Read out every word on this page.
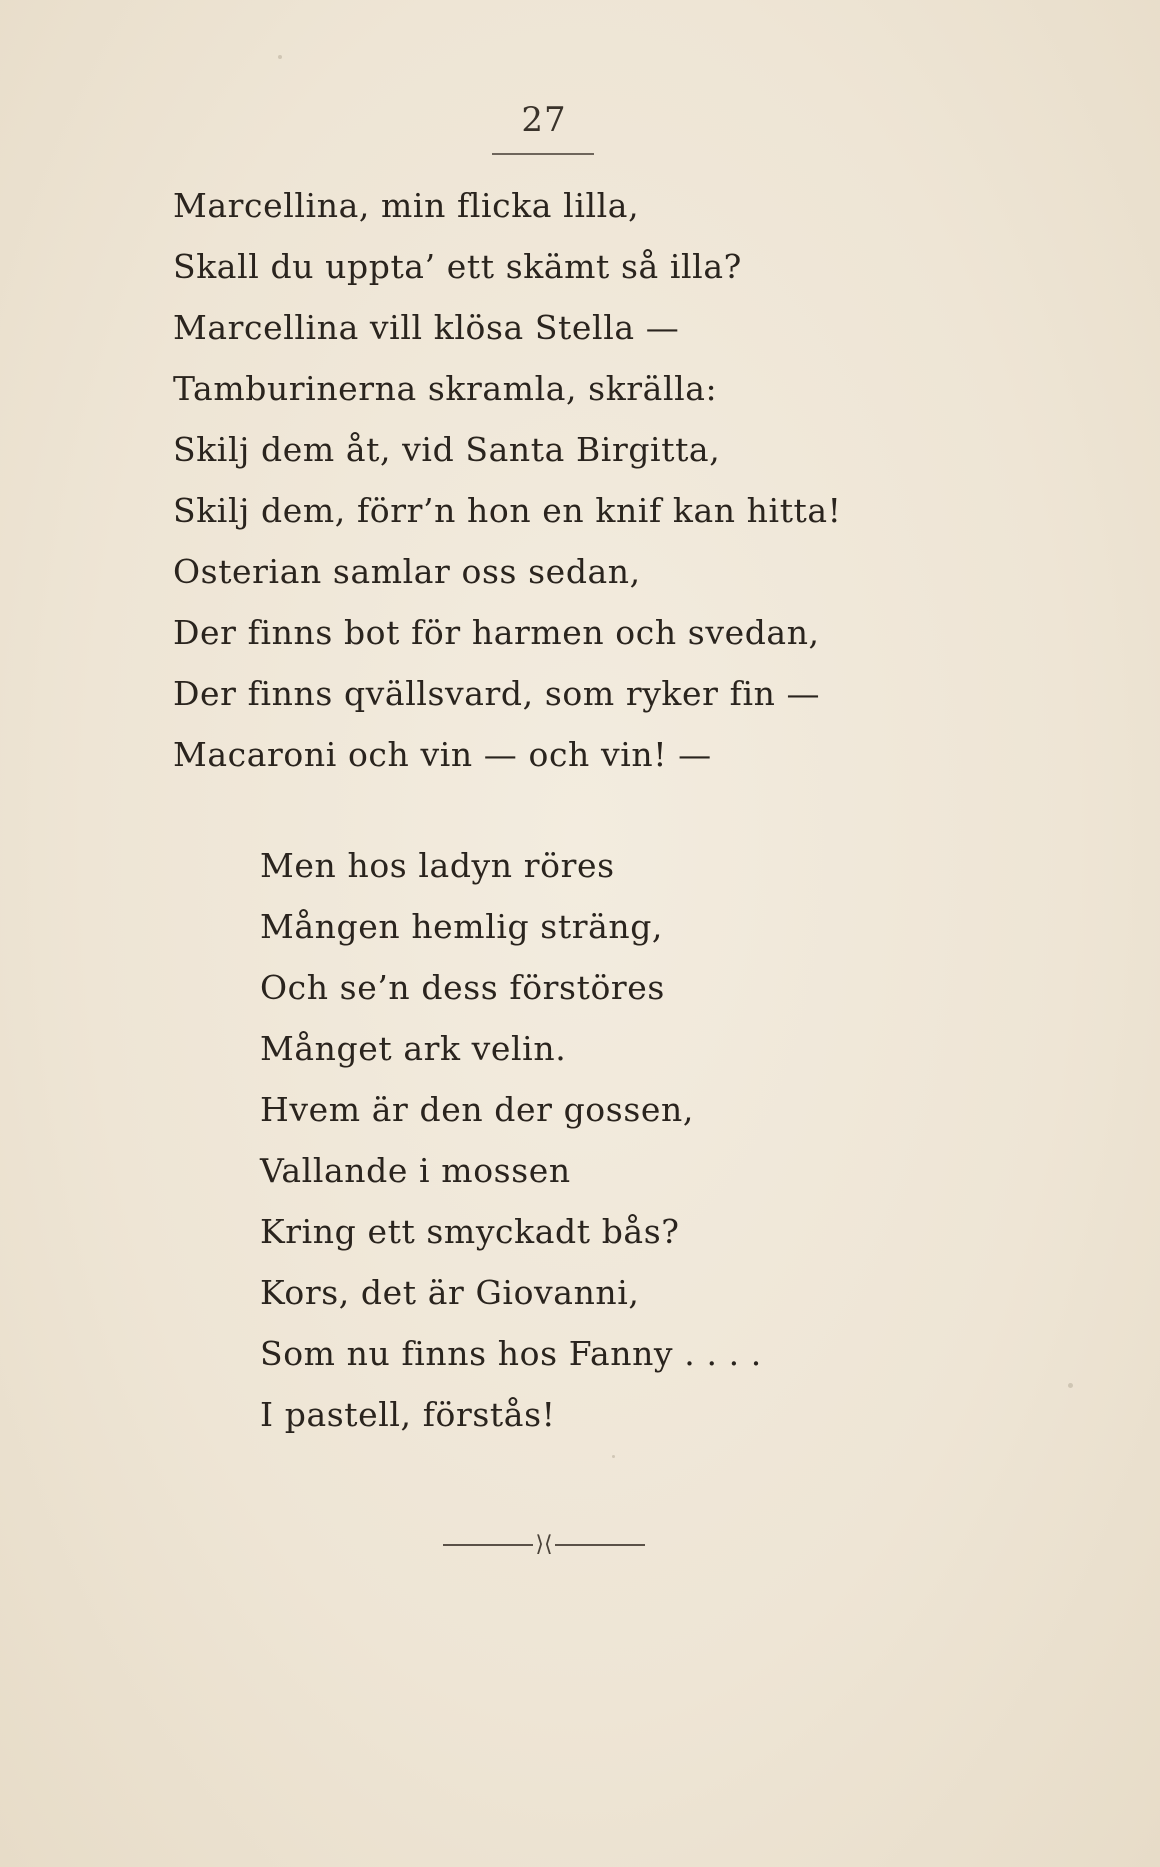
27
Marcellina, min flicka lilla,
Skall du uppta’ ett skämt så illa?
Marcellina vill klösa Stella —
Tamburinerna skramla, skrälla:
Skilj dem åt, vid Santa Birgitta,
Skilj dem, förr’n hon en knif kan hitta!
Osterian samlar oss sedan,
Der finns bot för harmen och svedan,
Der finns qvällsvard, som ryker fin —
Macaroni och vin — och vin! —
Men hos ladyn röres
Mången hemlig sträng,
Och se’n dess förstöres
Månget ark velin.
Hvem är den der gossen,
Vallande i mossen
Kring ett smyckadt bås?
Kors, det är Giovanni,
Som nu finns hos Fanny . . . .
I pastell, förstås!
⟩⟨
